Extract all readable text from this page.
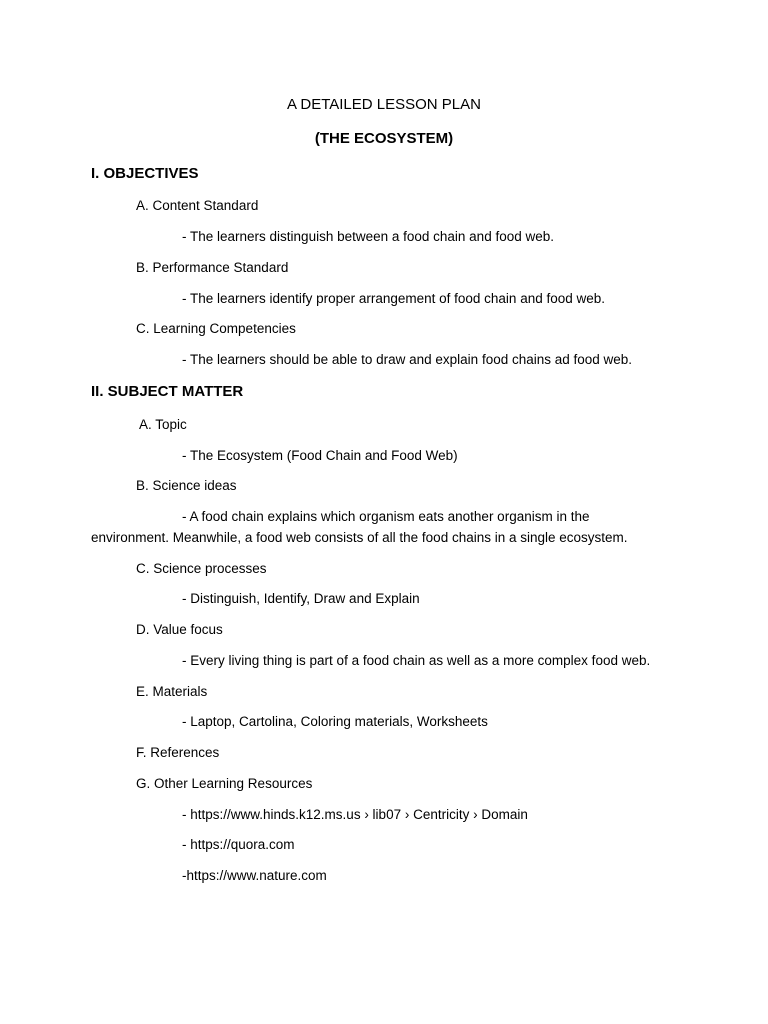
A DETAILED LESSON PLAN
(THE ECOSYSTEM)
I. OBJECTIVES
A. Content Standard
- The learners distinguish between a food chain and food web.
B. Performance Standard
- The learners identify proper arrangement of food chain and food web.
C. Learning Competencies
- The learners should be able to draw and explain food chains ad food web.
II. SUBJECT MATTER
A. Topic
- The Ecosystem (Food Chain and Food Web)
B. Science ideas
- A food chain explains which organism eats another organism in the
environment. Meanwhile, a food web consists of all the food chains in a single ecosystem.
C. Science processes
- Distinguish, Identify, Draw and Explain
D. Value focus
- Every living thing is part of a food chain as well as a more complex food web.
E. Materials
- Laptop, Cartolina, Coloring materials, Worksheets
F. References
G. Other Learning Resources
- https://www.hinds.k12.ms.us › lib07 › Centricity › Domain
- https://quora.com
-https://www.nature.com
